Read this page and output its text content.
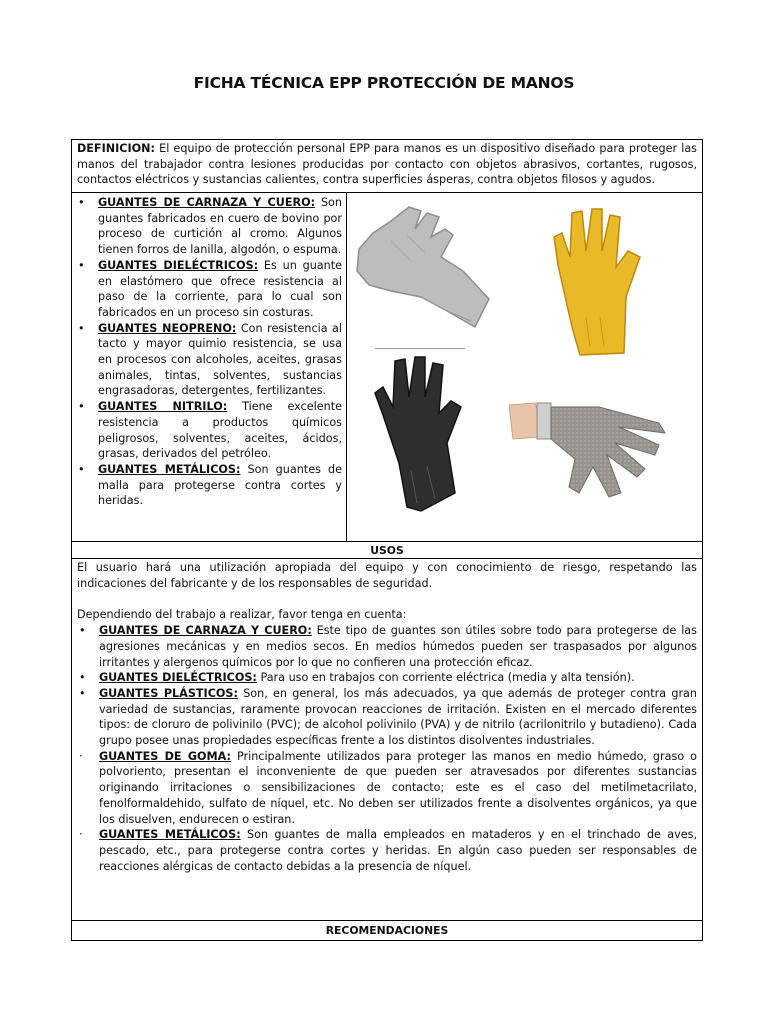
FICHA TÉCNICA EPP PROTECCIÓN DE MANOS
DEFINICION: El equipo de protección personal EPP para manos es un dispositivo diseñado para proteger las manos del trabajador contra lesiones producidas por contacto con objetos abrasivos, cortantes, rugosos, contactos eléctricos y sustancias calientes, contra superficies ásperas, contra objetos filosos y agudos.
• GUANTES DE CARNAZA Y CUERO: Son guantes fabricados en cuero de bovino por proceso de curtición al cromo. Algunos tienen forros de lanilla, algodón, o espuma.
• GUANTES DIELÉCTRICOS: Es un guante en elastómero que ofrece resistencia al paso de la corriente, para lo cual son fabricados en un proceso sin costuras.
• GUANTES NEOPRENO: Con resistencia al tacto y mayor quimio resistencia, se usa en procesos con alcoholes, aceites, grasas animales, tintas, solventes, sustancias engrasadoras, detergentes, fertilizantes.
• GUANTES NITRILO: Tiene excelente resistencia a productos químicos peligrosos, solventes, aceites, ácidos, grasas, derivados del petróleo.
• GUANTES METÁLICOS: Son guantes de malla para protegerse contra cortes y heridas.
USOS

El usuario hará una utilización apropiada del equipo y con conocimiento de riesgo, respetando las indicaciones del fabricante y de los responsables de seguridad.

Dependiendo del trabajo a realizar, favor tenga en cuenta:

• GUANTES DE CARNAZA Y CUERO: Este tipo de guantes son útiles sobre todo para protegerse de las agresiones mecánicas y en medios secos. En medios húmedos pueden ser traspasados por algunos irritantes y alergenos químicos por lo que no confieren una protección eficaz.
• GUANTES DIELÉCTRICOS: Para uso en trabajos con corriente eléctrica (media y alta tensión).
• GUANTES PLÁSTICOS: Son, en general, los más adecuados, ya que además de proteger contra gran variedad de sustancias, raramente provocan reacciones de irritación. Existen en el mercado diferentes tipos: de cloruro de polivinilo (PVC); de alcohol polivinilo (PVA) y de nitrilo (acrilonitrilo y butadieno). Cada grupo posee unas propiedades específicas frente a los distintos disolventes industriales.
· GUANTES DE GOMA: Principalmente utilizados para proteger las manos en medio húmedo, graso o polvoriento, presentan el inconveniente de que pueden ser atravesados por diferentes sustancias originando irritaciones o sensibilizaciones de contacto; este es el caso del metilmetacrilato, fenolformaldehido, sulfato de níquel, etc. No deben ser utilizados frente a disolventes orgánicos, ya que los disuelven, endurecen o estiran.
· GUANTES METÁLICOS: Son guantes de malla empleados en mataderos y en el trinchado de aves, pescado, etc., para protegerse contra cortes y heridas. En algún caso pueden ser responsables de reacciones alérgicas de contacto debidas a la presencia de níquel.
RECOMENDACIONES
